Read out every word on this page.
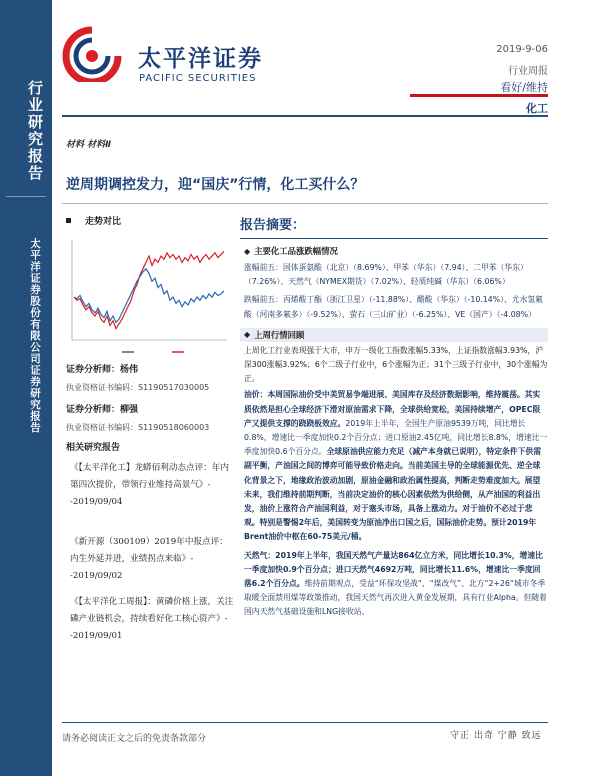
行业研究报告
太平洋证券股份有限公司证券研究报告
太平洋证券
PACIFIC SECURITIES
2019-9-06
行业周报
看好/维持
化工
材料 材料Ⅱ
逆周期调控发力，迎“国庆”行情，化工买什么？
走势对比
证券分析师：杨伟
执业资格证书编码：S1190517030005
证券分析师：柳强
执业资格证书编码：S1190518060003
相关研究报告
《【太平洋化工】龙蟒佰利动态点评：年内第四次提价，带领行业维持高景气》--2019/09/04
《新开源（300109）2019年中报点评：内生外延并进，业绩拐点来临》--2019/09/02
《【太平洋化工周报】：黄磷价格上涨，关注磷产业链机会，持续看好化工核心资产》--2019/09/01
报告摘要：
◆ 主要化工品涨跌幅情况

涨幅前五：国体蛋氨酸（北京）（8.69%）、甲苯（华东）（7.94）、二甲苯（华东）（7.26%）、天然气（NYMEX期货）（7.02%）、轻质纯碱（华东）（6.06%）

跌幅前五：丙烯酸丁酯（浙江卫星）（-11.88%）、醋酸（华东）（-10.14%）、尤水氢氟酸（河南多氟多）（-9.52%）、萤石（三山矿业）（-6.25%）、VE（国产）（-4.08%）

◆ 上周行情回顾

上周化工行业表现强于大市，申万一级化工指数涨幅5.33%，上证指数涨幅3.93%，沪深300涨幅3.92%；6个二级子行业中，6个涨幅为正；31个三级子行业中，30个涨幅为正。

油价：本周国际油价受中美贸易争端进展、美国库存及经济数据影响，维持震荡。其实质依然是担心全球经济下滑对原油需求下降，全球供给宽松，美国持续增产，OPEC限产又提供支撑的跷跷板效应。2019年上半年，全国生产原油9539万吨，同比增长0.8%，增速比一季度加快0.2个百分点；进口原油2.45亿吨，同比增长8.8%，增速比一季度加快0.6个百分点。全球原油供应能力充足（减产本身就已说明），特定条件下供需副平衡，产油国之间的博弈可能导致价格走向。当前美国主导的全球能源优先、逆全球化背景之下，地缘政治波动加剧，原油金融和政治属性提高，判断走势难度加大。展望未来，我们维持前期判断，当前决定油价的核心因素依然为供给侧，从产油国的利益出发，油价上涨符合产油国利益，对于塞头市场，具备上涨动力。对于油价不必过于悲观。特别是警惕2年后，美国转变为原油净出口国之后，国际油价走势。预计2019年Brent油价中枢在60-75美元/桶。

天然气：2019年上半年，我国天然气产量达864亿立方米，同比增长10.3%，增速比一季度加快0.9个百分点；进口天然气4692万吨，同比增长11.6%，增速比一季度回落6.2个百分点。维持前期观点，受益“环保攻坚战”、“煤改气”、北方“2+26”城市冬季取暖全面禁用煤等政策推动，我国天然气再次进入黄金发展期，具有行业Alpha。但随着国内天然气基础设施和LNG接收站、

请务必阅读正文之后的免责条款部分	守正 出奇 宁静 致远
